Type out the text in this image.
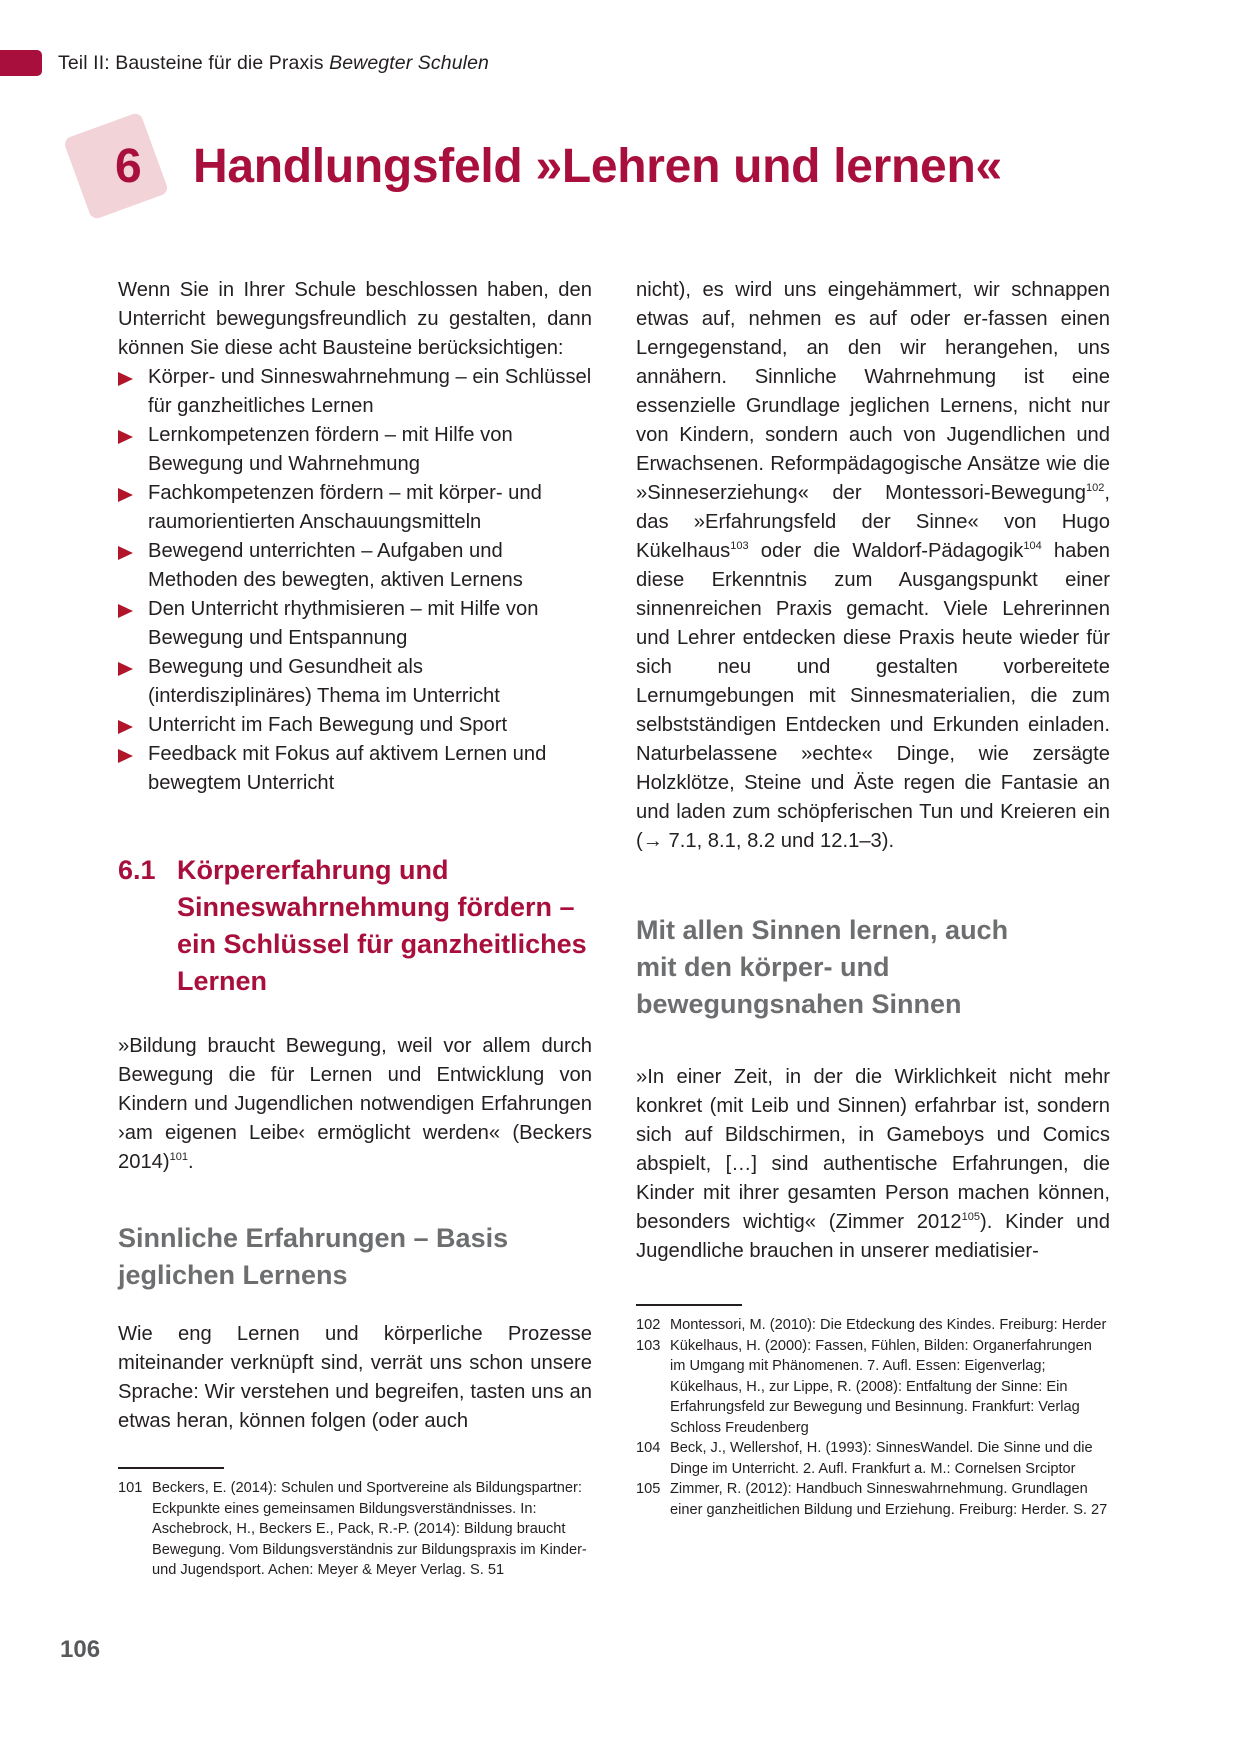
Teil II: Bausteine für die Praxis Bewegter Schulen
6 Handlungsfeld »Lehren und lernen«

Wenn Sie in Ihrer Schule beschlossen haben, den Unterricht bewegungsfreundlich zu gestalten, dann können Sie diese acht Bausteine berücksichtigen:

Körper- und Sinneswahrnehmung – ein Schlüssel für ganzheitliches Lernen
Lernkompetenzen fördern – mit Hilfe von Bewegung und Wahrnehmung
Fachkompetenzen fördern – mit körper- und raumorientierten Anschauungsmitteln
Bewegend unterrichten – Aufgaben und Methoden des bewegten, aktiven Lernens
Den Unterricht rhythmisieren – mit Hilfe von Bewegung und Entspannung
Bewegung und Gesundheit als (interdisziplinäres) Thema im Unterricht
Unterricht im Fach Bewegung und Sport
Feedback mit Fokus auf aktivem Lernen und bewegtem Unterricht
6.1 Körpererfahrung und Sinneswahrnehmung fördern – ein Schlüssel für ganzheitliches Lernen

»Bildung braucht Bewegung, weil vor allem durch Bewegung die für Lernen und Entwicklung von Kindern und Jugendlichen notwendigen Erfahrungen ›am eigenen Leibe‹ ermöglicht werden« (Beckers 2014)$^{101}$.

Sinnliche Erfahrungen – Basis jeglichen Lernens

Wie eng Lernen und körperliche Prozesse miteinander verknüpft sind, verrät uns schon unsere Sprache: Wir verstehen und begreifen, tasten uns an etwas heran, können folgen (oder auch

101 Beckers, E. (2014): Schulen und Sportvereine als Bildungspartner: Eckpunkte eines gemeinsamen Bildungsverständnisses. In: Aschebrock, H., Beckers E., Pack, R.-P. (2014): Bildung braucht Bewegung. Vom Bildungsverständnis zur Bildungspraxis im Kinder- und Jugendsport. Achen: Meyer & Meyer Verlag. S. 51

nicht), es wird uns eingehämmert, wir schnappen etwas auf, nehmen es auf oder er-fassen einen Lerngegenstand, an den wir herangehen, uns annähern. Sinnliche Wahrnehmung ist eine essenzielle Grundlage jeglichen Lernens, nicht nur von Kindern, sondern auch von Jugendlichen und Erwachsenen. Reformpädagogische Ansätze wie die »Sinneserziehung« der Montessori-Bewegung$^{102}$, das »Erfahrungsfeld der Sinne« von Hugo Kükelhaus$^{103}$ oder die Waldorf-Pädagogik$^{104}$ haben diese Erkenntnis zum Ausgangspunkt einer sinnenreichen Praxis gemacht. Viele Lehrerinnen und Lehrer entdecken diese Praxis heute wieder für sich neu und gestalten vorbereitete Lernumgebungen mit Sinnesmaterialien, die zum selbstständigen Entdecken und Erkunden einladen. Naturbelassene »echte« Dinge, wie zersägte Holzklötze, Steine und Äste regen die Fantasie an und laden zum schöpferischen Tun und Kreieren ein (→ 7.1, 8.1, 8.2 und 12.1–3).

Mit allen Sinnen lernen, auch mit den körper- und bewegungsnahen Sinnen

»In einer Zeit, in der die Wirklichkeit nicht mehr konkret (mit Leib und Sinnen) erfahrbar ist, sondern sich auf Bildschirmen, in Gameboys und Comics abspielt, […] sind authentische Erfahrungen, die Kinder mit ihrer gesamten Person machen können, besonders wichtig« (Zimmer 2012$^{105}$). Kinder und Jugendliche brauchen in unserer mediatisier-

102 Montessori, M. (2010): Die Etdeckung des Kindes. Freiburg: Herder
103 Kükelhaus, H. (2000): Fassen, Fühlen, Bilden: Organerfahrungen im Umgang mit Phänomenen. 7. Aufl. Essen: Eigenverlag; Kükelhaus, H., zur Lippe, R. (2008): Entfaltung der Sinne: Ein Erfahrungsfeld zur Bewegung und Besinnung. Frankfurt: Verlag Schloss Freudenberg
104 Beck, J., Wellershof, H. (1993): SinnesWandel. Die Sinne und die Dinge im Unterricht. 2. Aufl. Frankfurt a. M.: Cornelsen Srciptor
105 Zimmer, R. (2012): Handbuch Sinneswahrnehmung. Grundlagen einer ganzheitlichen Bildung und Erziehung. Freiburg: Herder. S. 27
106
